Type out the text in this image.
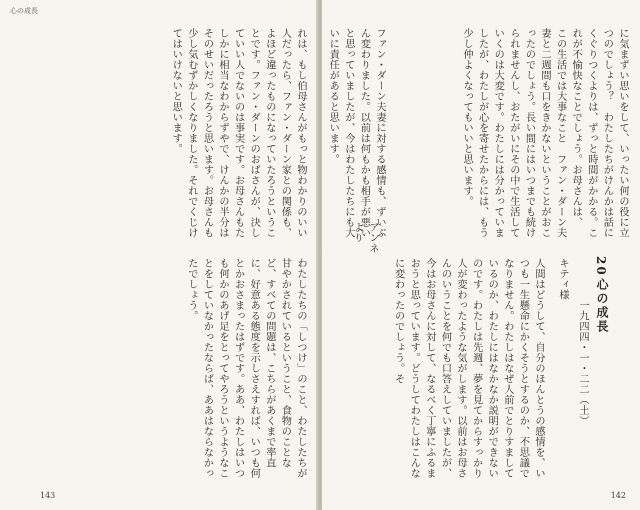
心の成長
れは、もし伯母さんがもっと物わかりのいい人だったら、ファン・ダーン家との関係も、よほど違ったものになっていたろうということです。ファン・ダーンのおばさんが、決していい人でないのは事実です。お母さんもたしかに相当なわからずやで、けんかの半分はそのせいだったろうと思います。お母さんも少し気むずかしくなりました。それでくじけてはいけないと思います。
わたしたちの「しつけ」のこと、わたしたちが甘やかされているということ、食物のことなど、すべての問題は、こちらがあくまで率直に、好意ある態度を示しさえすれば、いつも何とかおさまったはずです。ああ、わたしはいつも何かのあげ足をとってやろうというようなことをしていなかったならば、ああはならなかったでしょう。
143
に気まずい思いをして、いったい何の役に立つのでしょう？　わたしたちがけんかは話にくぐりつくよりは、ずっと時間がかかる。これが不愉快なことでしょう。お母さんは、　　この生活では大事なこと　ファン・ダーン夫妻と二週間も口をきかないということがおこったのでしょう。長い間にはいつまでも続けられませんし、おたがいにその中で生活していくのは大変です。わたしには分かっていましたが、わたしが心を寄せたからには、もう少し仲よくなってもいいと思います。
アンネより	ファン・ダーン夫妻に対する感情も、ずいぶん変わりました。以前は何もかも相手が悪いと思っていましたが、今はわたしたちにも大いに責任があると思います。
20
心の成長
一九四四・一・二二（土）
キティ様
人間はどうして、自分のほんとうの感情を、いつも一生懸命にかくそうとするのか、不思議でなりません。わたしはなぜ人前でとりすましているのか、わたしにはなかなか説明ができないのです。わたしは先週、夢を見てからすっかり人が変わったような気がします。以前はお母さんのいうことを何でも口答えしていましたが、今はお母さんに対して、なるべく丁寧にふるまおうと思っています。どうしてわたしはこんなに変わったのでしょう。そ
142
